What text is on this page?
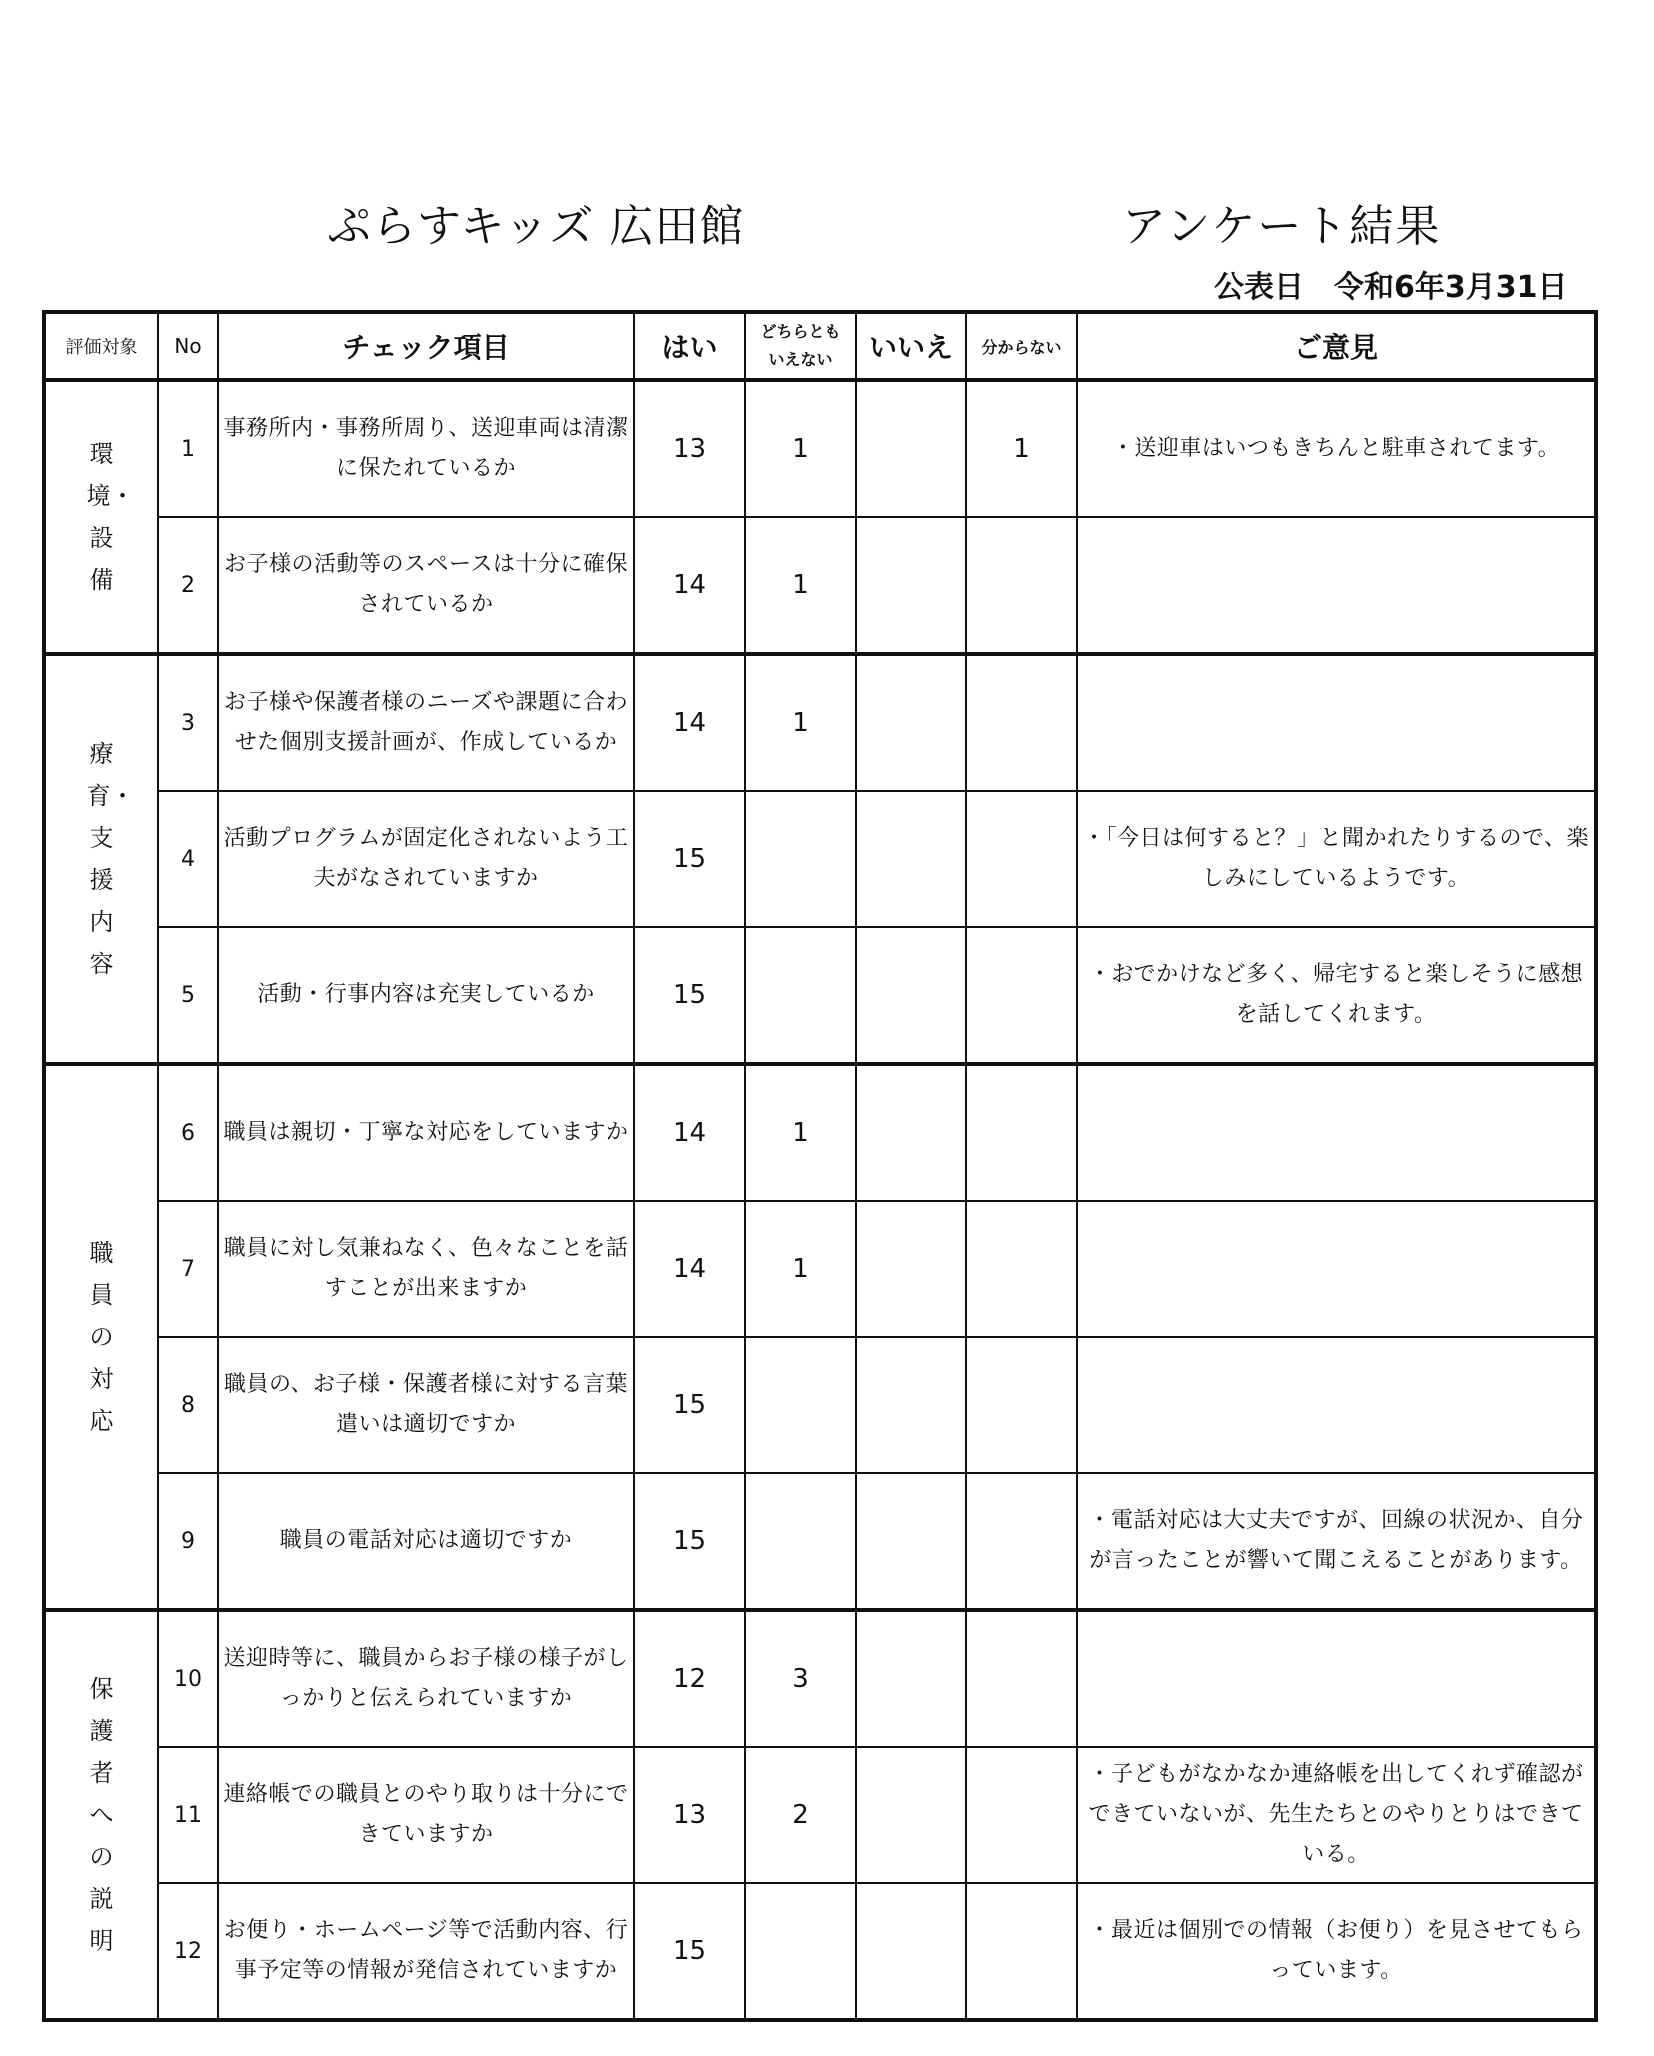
ぷらすキッズ 広田館	アンケート結果
公表日 令和6年3月31日
評価対象	No	チェック項目	はい	どちらとも
いえない	いいえ	分からない	ご意見
環境・設備	1	事務所内・事務所周り、送迎車両は清潔に保たれているか	13	1		1	・送迎車はいつもきちんと駐車されてます。
	2	お子様の活動等のスペースは十分に確保されているか	14	1			
療育・支援内容	3	お子様や保護者様のニーズや課題に合わせた個別支援計画が、作成しているか	14	1			
	4	活動プログラムが固定化されないよう工夫がなされていますか	15				・「今日は何すると？」と聞かれたりするので、楽しみにしているようです。
	5	活動・行事内容は充実しているか	15				・おでかけなど多く、帰宅すると楽しそうに感想を話してくれます。
職員の対応	6	職員は親切・丁寧な対応をしていますか	14	1			
	7	職員に対し気兼ねなく、色々なことを話すことが出来ますか	14	1			
	8	職員の、お子様・保護者様に対する言葉遣いは適切ですか	15				
	9	職員の電話対応は適切ですか	15				・電話対応は大丈夫ですが、回線の状況か、自分が言ったことが響いて聞こえることがあります。
保護者への説明	10	送迎時等に、職員からお子様の様子がしっかりと伝えられていますか	12	3			
	11	連絡帳での職員とのやり取りは十分にできていますか	13	2			・子どもがなかなか連絡帳を出してくれず確認ができていないが、先生たちとのやりとりはできている。
	12	お便り・ホームページ等で活動内容、行事予定等の情報が発信されていますか	15				・最近は個別での情報（お便り）を見させてもらっています。
